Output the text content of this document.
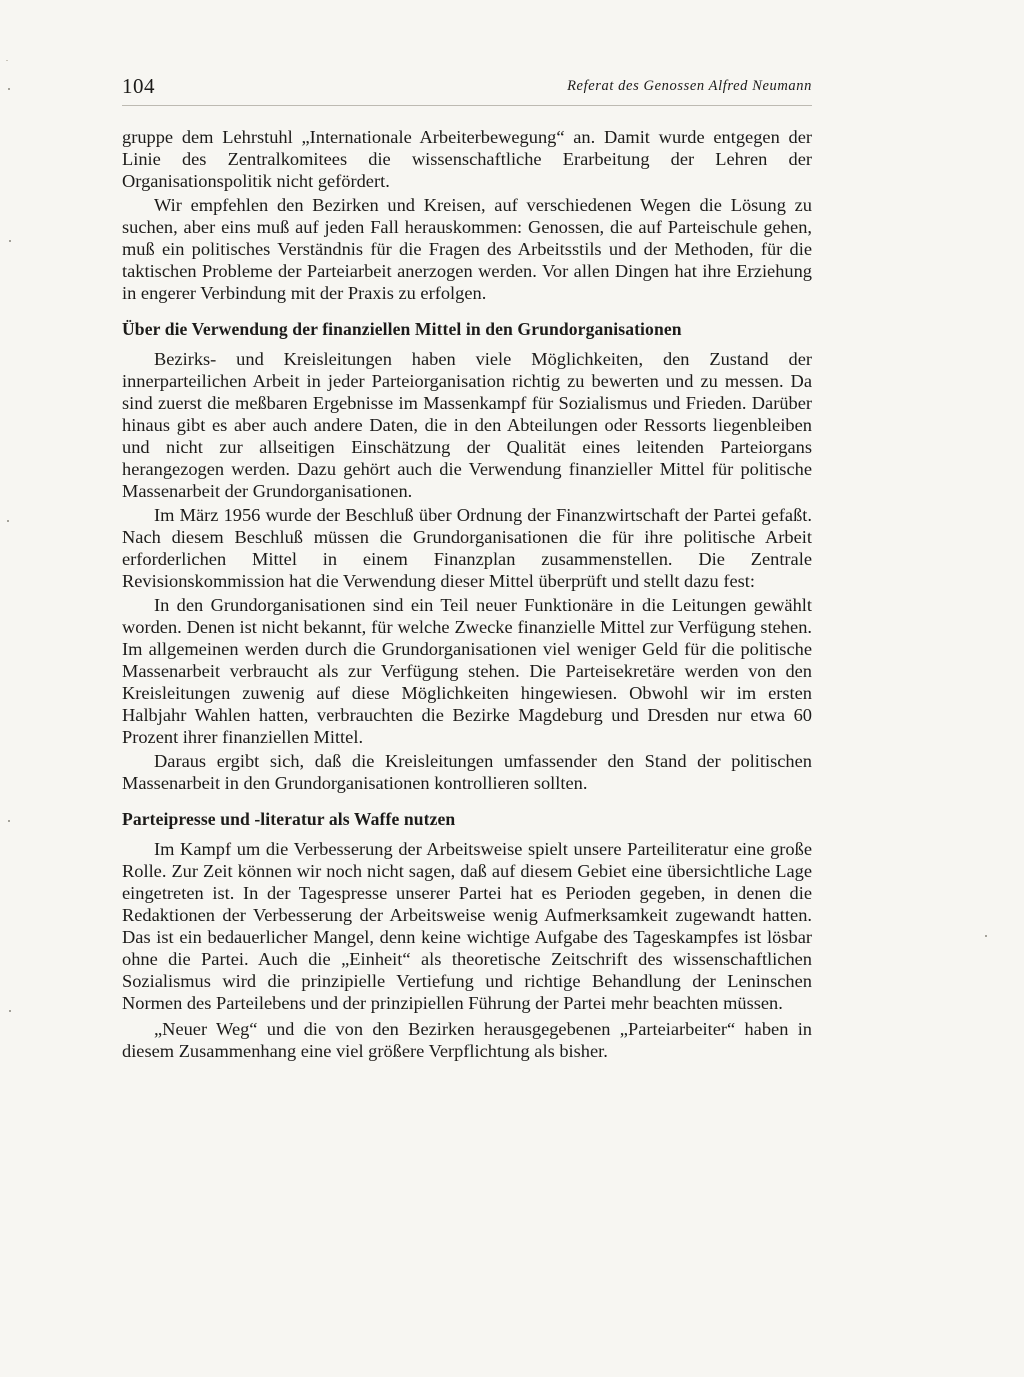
104	Referat des Genossen Alfred Neumann

gruppe dem Lehrstuhl „Internationale Arbeiterbewegung“ an. Damit wurde entgegen der Linie des Zentralkomitees die wissenschaftliche Erarbeitung der Lehren der Organisationspolitik nicht gefördert.

Wir empfehlen den Bezirken und Kreisen, auf verschiedenen Wegen die Lösung zu suchen, aber eins muß auf jeden Fall herauskommen: Genossen, die auf Parteischule gehen, muß ein politisches Verständnis für die Fragen des Arbeitsstils und der Methoden, für die taktischen Probleme der Parteiarbeit anerzogen werden. Vor allen Dingen hat ihre Erziehung in engerer Verbindung mit der Praxis zu erfolgen.

Über die Verwendung der finanziellen Mittel in den Grundorganisationen

Bezirks- und Kreisleitungen haben viele Möglichkeiten, den Zustand der innerparteilichen Arbeit in jeder Parteiorganisation richtig zu bewerten und zu messen. Da sind zuerst die meßbaren Ergebnisse im Massenkampf für Sozialismus und Frieden. Darüber hinaus gibt es aber auch andere Daten, die in den Abteilungen oder Ressorts liegenbleiben und nicht zur allseitigen Einschätzung der Qualität eines leitenden Parteiorgans herangezogen werden. Dazu gehört auch die Verwendung finanzieller Mittel für politische Massenarbeit der Grundorganisationen.

Im März 1956 wurde der Beschluß über Ordnung der Finanzwirtschaft der Partei gefaßt. Nach diesem Beschluß müssen die Grundorganisationen die für ihre politische Arbeit erforderlichen Mittel in einem Finanzplan zusammenstellen. Die Zentrale Revisionskommission hat die Verwendung dieser Mittel überprüft und stellt dazu fest:

In den Grundorganisationen sind ein Teil neuer Funktionäre in die Leitungen gewählt worden. Denen ist nicht bekannt, für welche Zwecke finanzielle Mittel zur Verfügung stehen. Im allgemeinen werden durch die Grundorganisationen viel weniger Geld für die politische Massenarbeit verbraucht als zur Verfügung stehen. Die Parteisekretäre werden von den Kreisleitungen zuwenig auf diese Möglichkeiten hingewiesen. Obwohl wir im ersten Halbjahr Wahlen hatten, verbrauchten die Bezirke Magdeburg und Dresden nur etwa 60 Prozent ihrer finanziellen Mittel.

Daraus ergibt sich, daß die Kreisleitungen umfassender den Stand der politischen Massenarbeit in den Grundorganisationen kontrollieren sollten.

Parteipresse und -literatur als Waffe nutzen

Im Kampf um die Verbesserung der Arbeitsweise spielt unsere Parteiliteratur eine große Rolle. Zur Zeit können wir noch nicht sagen, daß auf diesem Gebiet eine übersichtliche Lage eingetreten ist. In der Tagespresse unserer Partei hat es Perioden gegeben, in denen die Redaktionen der Verbesserung der Arbeitsweise wenig Aufmerksamkeit zugewandt hatten. Das ist ein bedauerlicher Mangel, denn keine wichtige Aufgabe des Tageskampfes ist lösbar ohne die Partei. Auch die „Einheit“ als theoretische Zeitschrift des wissenschaftlichen Sozialismus wird die prinzipielle Vertiefung und richtige Behandlung der Leninschen Normen des Parteilebens und der prinzipiellen Führung der Partei mehr beachten müssen.

„Neuer Weg“ und die von den Bezirken herausgegebenen „Parteiarbeiter“ haben in diesem Zusammenhang eine viel größere Verpflichtung als bisher.
